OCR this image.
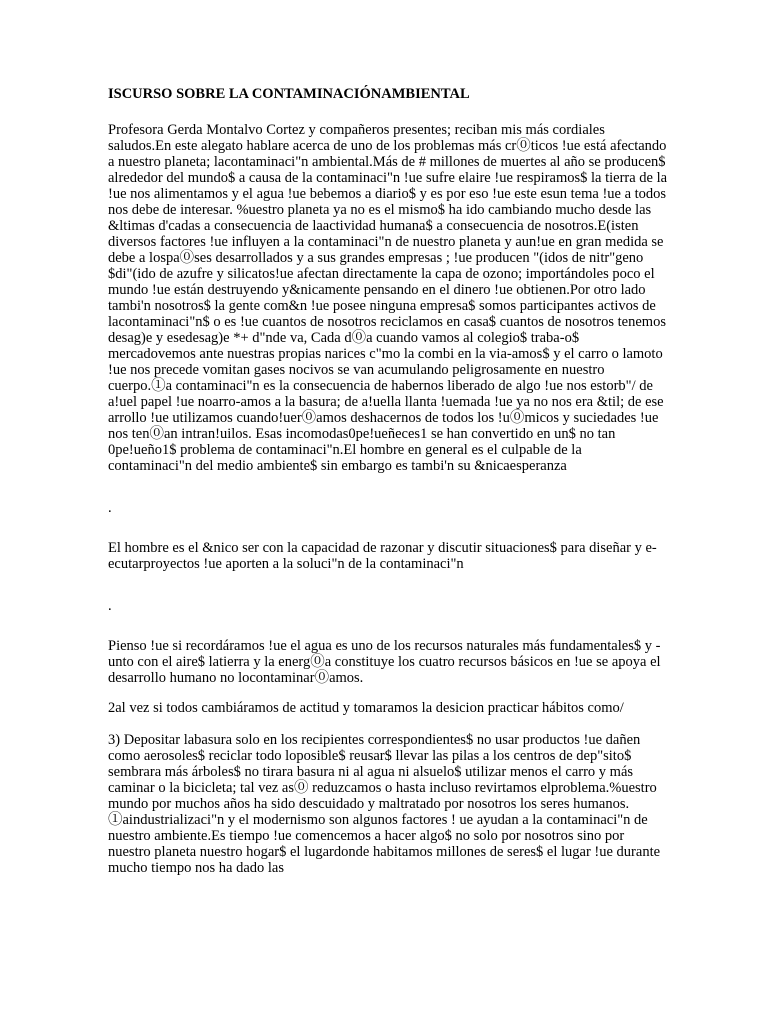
ISCURSO SOBRE LA CONTAMINACIÓNAMBIENTAL

Profesora Gerda Montalvo Cortez y compañeros presentes; reciban mis más cordiales saludos.En este alegato hablare acerca de uno de los problemas más cr⓪ticos !ue está afectando a nuestro planeta; lacontaminaci"n ambiental.Más de # millones de muertes al año se producen$ alrededor del mundo$ a causa de la contaminaci"n !ue sufre elaire !ue respiramos$ la tierra de la !ue nos alimentamos y el agua !ue bebemos a diario$ y es por eso !ue este esun tema !ue a todos nos debe de interesar. %uestro planeta ya no es el mismo$ ha ido cambiando mucho desde las &ltimas d'cadas a consecuencia de laactividad humana$ a consecuencia de nosotros.E(isten diversos factores !ue influyen a la contaminaci"n de nuestro planeta y aun!ue en gran medida se debe a lospa⓪ses desarrollados y a sus grandes empresas ; !ue producen "(idos de nitr"geno $di"(ido de azufre y silicatos!ue afectan directamente la capa de ozono; importándoles poco el mundo !ue están destruyendo y&nicamente pensando en el dinero !ue obtienen.Por otro lado tambi'n nosotros$ la gente com&n !ue posee ninguna empresa$ somos participantes activos de lacontaminaci"n$ o es !ue cuantos de nosotros reciclamos en casa$ cuantos de nosotros tenemos desag)e y esedesag)e *+ d"nde va, Cada d⓪a cuando vamos al colegio$ traba-o$ mercadovemos ante nuestras propias narices c"mo la combi en la via-amos$ y el carro o lamoto !ue nos precede vomitan gases nocivos se van acumulando peligrosamente en nuestro cuerpo.①a contaminaci"n es la consecuencia de habernos liberado de algo !ue nos estorb"/ de a!uel papel !ue noarro-amos a la basura; de a!uella llanta !uemada !ue ya no nos era &til; de ese arrollo !ue utilizamos cuando!uer⓪amos deshacernos de todos los !u⓪micos y suciedades !ue nos ten⓪an intran!uilos. Esas incomodas0pe!ueñeces1 se han convertido en un$ no tan 0pe!ueño1$ problema de contaminaci"n.El hombre en general es el culpable de la contaminaci"n del medio ambiente$ sin embargo es tambi'n su &nicaesperanza

.

El hombre es el &nico ser con la capacidad de razonar y discutir situaciones$ para diseñar y e-ecutarproyectos !ue aporten a la soluci"n de la contaminaci"n

.

Pienso !ue si recordáramos !ue el agua es uno de los recursos naturales más fundamentales$ y -unto con el aire$ latierra y la energ⓪a constituye los cuatro recursos básicos en !ue se apoya el desarrollo humano no locontaminar⓪amos.

2al vez si todos cambiáramos de actitud y tomaramos la desicion practicar hábitos como/

3) Depositar labasura solo en los recipientes correspondientes$ no usar productos !ue dañen como aerosoles$ reciclar todo loposible$ reusar$ llevar las pilas a los centros de dep"sito$ sembrara más árboles$ no tirara basura ni al agua ni alsuelo$ utilizar menos el carro y más caminar o la bicicleta; tal vez as⓪ reduzcamos o hasta incluso revirtamos elproblema.%uestro mundo por muchos años ha sido descuidado y maltratado por nosotros los seres humanos. ①aindustrializaci"n y el modernismo son algunos factores ! ue ayudan a la contaminaci"n de nuestro ambiente.Es tiempo !ue comencemos a hacer algo$ no solo por nosotros sino por nuestro planeta nuestro hogar$ el lugardonde habitamos millones de seres$ el lugar !ue durante mucho tiempo nos ha dado las
